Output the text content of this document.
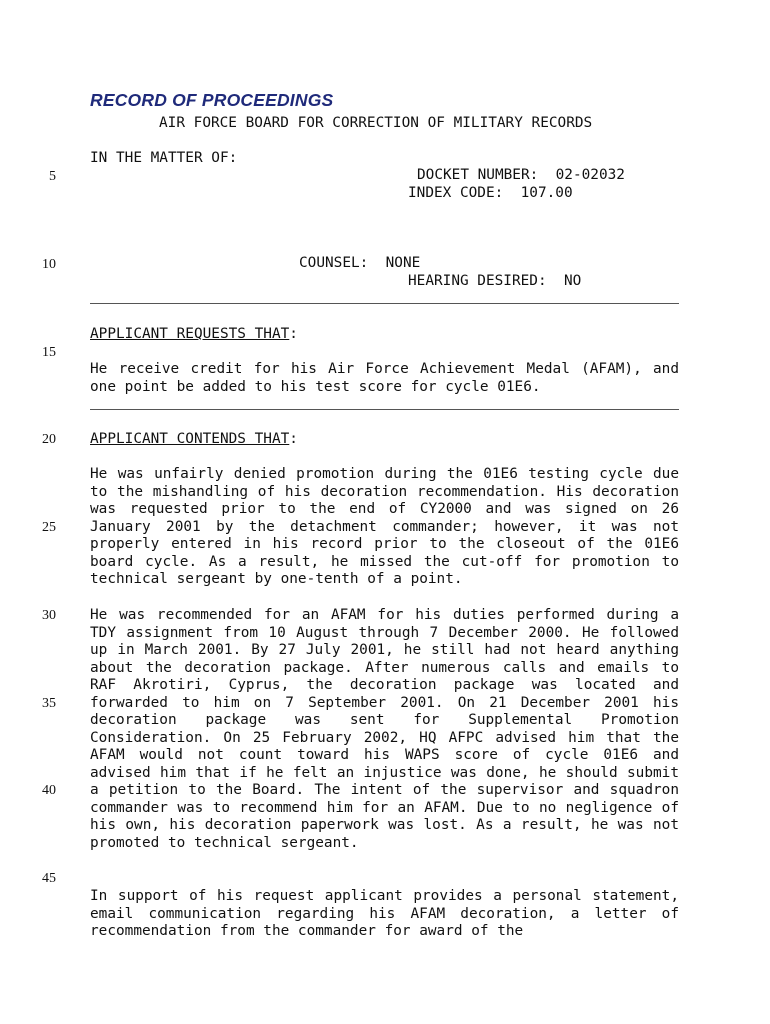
RECORD OF PROCEEDINGS
AIR FORCE BOARD FOR CORRECTION OF MILITARY RECORDS
IN THE MATTER OF:
DOCKET NUMBER: 02-02032
INDEX CODE: 107.00
COUNSEL: NONE
HEARING DESIRED: NO
APPLICANT REQUESTS THAT:
He receive credit for his Air Force Achievement Medal (AFAM), and one point be added to his test score for cycle 01E6.
APPLICANT CONTENDS THAT:
He was unfairly denied promotion during the 01E6 testing cycle due to the mishandling of his decoration recommendation. His decoration was requested prior to the end of CY2000 and was signed on 26 January 2001 by the detachment commander; however, it was not properly entered in his record prior to the closeout of the 01E6 board cycle. As a result, he missed the cut-off for promotion to technical sergeant by one-tenth of a point.
He was recommended for an AFAM for his duties performed during a TDY assignment from 10 August through 7 December 2000. He followed up in March 2001. By 27 July 2001, he still had not heard anything about the decoration package. After numerous calls and emails to RAF Akrotiri, Cyprus, the decoration package was located and forwarded to him on 7 September 2001. On 21 December 2001 his decoration package was sent for Supplemental Promotion Consideration. On 25 February 2002, HQ AFPC advised him that the AFAM would not count toward his WAPS score of cycle 01E6 and advised him that if he felt an injustice was done, he should submit a petition to the Board. The intent of the supervisor and squadron commander was to recommend him for an AFAM. Due to no negligence of his own, his decoration paperwork was lost. As a result, he was not promoted to technical sergeant.
In support of his request applicant provides a personal statement, email communication regarding his AFAM decoration, a letter of recommendation from the commander for award of the
5
10
15
20
25
30
35
40
45
